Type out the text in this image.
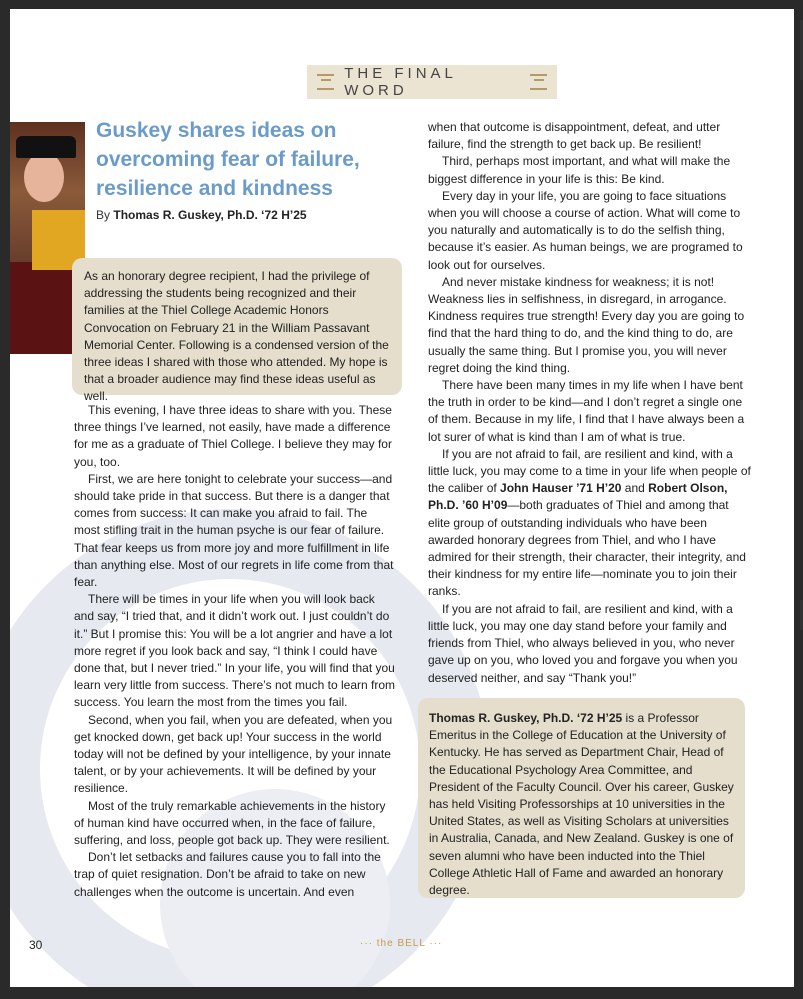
THE FINAL WORD
Guskey shares ideas on overcoming fear of failure, resilience and kindness
By Thomas R. Guskey, Ph.D. ‘72 H’25
As an honorary degree recipient, I had the privilege of addressing the students being recognized and their families at the Thiel College Academic Honors Convocation on February 21 in the William Passavant Memorial Center. Following is a condensed version of the three ideas I shared with those who attended. My hope is that a broader audience may find these ideas useful as well.

This evening, I have three ideas to share with you. These three things I’ve learned, not easily, have made a difference for me as a graduate of Thiel College. I believe they may for you, too.

First, we are here tonight to celebrate your success—and should take pride in that success. But there is a danger that comes from success: It can make you afraid to fail. The most stifling trait in the human psyche is our fear of failure. That fear keeps us from more joy and more fulfillment in life than anything else. Most of our regrets in life come from that fear.

There will be times in your life when you will look back and say, “I tried that, and it didn’t work out. I just couldn’t do it.” But I promise this: You will be a lot angrier and have a lot more regret if you look back and say, “I think I could have done that, but I never tried.” In your life, you will find that you learn very little from success. There’s not much to learn from success. You learn the most from the times you fail.

Second, when you fail, when you are defeated, when you get knocked down, get back up! Your success in the world today will not be defined by your intelligence, by your innate talent, or by your achievements. It will be defined by your resilience.

Most of the truly remarkable achievements in the history of human kind have occurred when, in the face of failure, suffering, and loss, people got back up. They were resilient.

Don’t let setbacks and failures cause you to fall into the trap of quiet resignation. Don’t be afraid to take on new challenges when the outcome is uncertain. And even

when that outcome is disappointment, defeat, and utter failure, find the strength to get back up. Be resilient!

Third, perhaps most important, and what will make the biggest difference in your life is this: Be kind.

Every day in your life, you are going to face situations when you will choose a course of action. What will come to you naturally and automatically is to do the selfish thing, because it’s easier. As human beings, we are programed to look out for ourselves.

And never mistake kindness for weakness; it is not! Weakness lies in selfishness, in disregard, in arrogance. Kindness requires true strength! Every day you are going to find that the hard thing to do, and the kind thing to do, are usually the same thing. But I promise you, you will never regret doing the kind thing.

There have been many times in my life when I have bent the truth in order to be kind—and I don’t regret a single one of them. Because in my life, I find that I have always been a lot surer of what is kind than I am of what is true.

If you are not afraid to fail, are resilient and kind, with a little luck, you may come to a time in your life when people of the caliber of John Hauser ’71 H’20 and Robert Olson, Ph.D. ’60 H’09—both graduates of Thiel and among that elite group of outstanding individuals who have been awarded honorary degrees from Thiel, and who I have admired for their strength, their character, their integrity, and their kindness for my entire life—nominate you to join their ranks.

If you are not afraid to fail, are resilient and kind, with a little luck, you may one day stand before your family and friends from Thiel, who always believed in you, who never gave up on you, who loved you and forgave you when you deserved neither, and say “Thank you!”

Thomas R. Guskey, Ph.D. ‘72 H’25 is a Professor Emeritus in the College of Education at the University of Kentucky. He has served as Department Chair, Head of the Educational Psychology Area Committee, and President of the Faculty Council. Over his career, Guskey has held Visiting Professorships at 10 universities in the United States, as well as Visiting Scholars at universities in Australia, Canada, and New Zealand. Guskey is one of seven alumni who have been inducted into the Thiel College Athletic Hall of Fame and awarded an honorary degree.
30	··· the BELL ···
